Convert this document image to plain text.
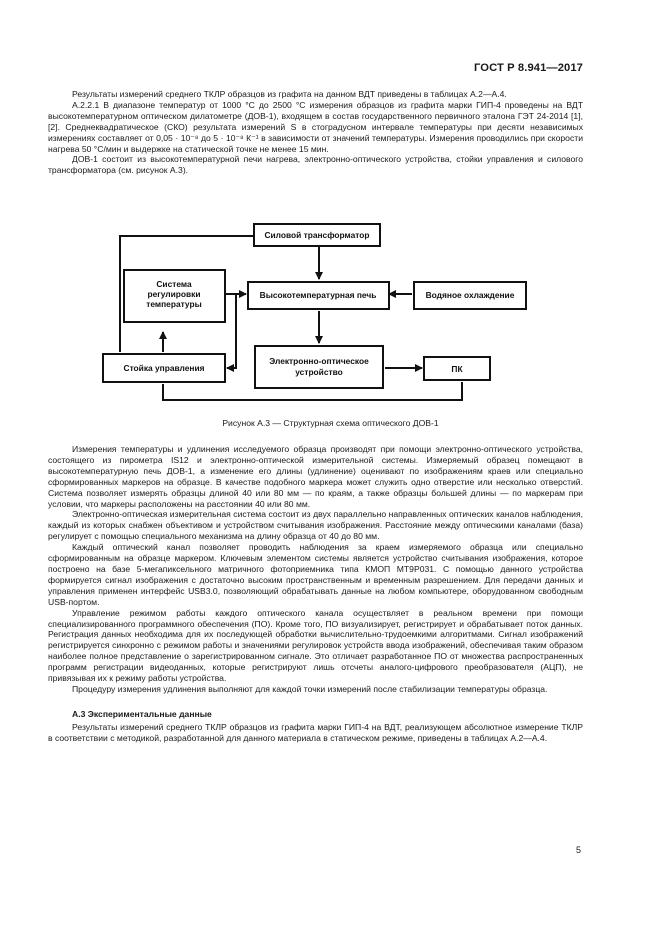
ГОСТ Р 8.941—2017

Результаты измерений среднего ТКЛР образцов из графита на данном ВДТ приведены в таблицах А.2—А.4.

А.2.2.1 В диапазоне температур от 1000 °С до 2500 °С измерения образцов из графита марки ГИП-4 проведены на ВДТ высокотемпературном оптическом дилатометре (ДОВ-1), входящем в состав государственного первичного эталона ГЭТ 24-2014 [1], [2]. Среднеквадратическое (СКО) результата измерений S в стоградусном интервале температуры при десяти независимых измерениях составляет от 0,05 · 10⁻⁸ до 5 · 10⁻⁸ К⁻¹ в зависимости от значений температуры. Измерения проводились при скорости нагрева 50 °С/мин и выдержке на статической точке не менее 15 мин.

ДОВ-1 состоит из высокотемпературной печи нагрева, электронно-оптического устройства, стойки управления и силового трансформатора (см. рисунок А.3).

Силовой трансформатор
Система
регулировки
температуры
Высокотемпературная печь	Водяное охлаждение
Стойка управления
Электронно-оптическое
устройство	ПК

Рисунок А.3 — Структурная схема оптического ДОВ-1

Измерения температуры и удлинения исследуемого образца производят при помощи электронно-оптического устройства, состоящего из пирометра IS12 и электронно-оптической измерительной системы. Измеряемый образец помещают в высокотемпературную печь ДОВ-1, а изменение его длины (удлинение) оценивают по изображениям краев или специально сформированных маркеров на образце. В качестве подобного маркера может служить одно отверстие или несколько отверстий. Система позволяет измерять образцы длиной 40 или 80 мм — по краям, а также образцы большей длины — по маркерам при условии, что маркеры расположены на расстоянии 40 или 80 мм.

Электронно-оптическая измерительная система состоит из двух параллельно направленных оптических каналов наблюдения, каждый из которых снабжен объективом и устройством считывания изображения. Расстояние между оптическими каналами (база) регулирует с помощью специального механизма на длину образца от 40 до 80 мм.

Каждый оптический канал позволяет проводить наблюдения за краем измеряемого образца или специально сформированным на образце маркером. Ключевым элементом системы является устройство считывания изображения, которое построено на базе 5-мегапиксельного матричного фотоприемника типа КМОП MT9P031. С помощью данного устройства формируется сигнал изображения с достаточно высоким пространственным и временным разрешением. Для передачи данных и управления применен интерфейс USB3.0, позволяющий обрабатывать данные на любом компьютере, оборудованном свободным USB-портом.

Управление режимом работы каждого оптического канала осуществляет в реальном времени при помощи специализированного программного обеспечения (ПО). Кроме того, ПО визуализирует, регистрирует и обрабатывает поток данных. Регистрация данных необходима для их последующей обработки вычислительно-трудоемкими алгоритмами. Сигнал изображений регистрируется синхронно с режимом работы и значениями регулировок устройств ввода изображений, обеспечивая таким образом наиболее полное представление о зарегистрированном сигнале. Это отличает разработанное ПО от множества распространенных программ регистрации видеоданных, которые регистрируют лишь отсчеты аналого-цифрового преобразователя (АЦП), не привязывая их к режиму работы устройства.

Процедуру измерения удлинения выполняют для каждой точки измерений после стабилизации температуры образца.

А.3 Экспериментальные данные

Результаты измерений среднего ТКЛР образцов из графита марки ГИП-4 на ВДТ, реализующем абсолютное измерение ТКЛР в соответствии с методикой, разработанной для данного материала в статическом режиме, приведены в таблицах А.2—А.4.

5
